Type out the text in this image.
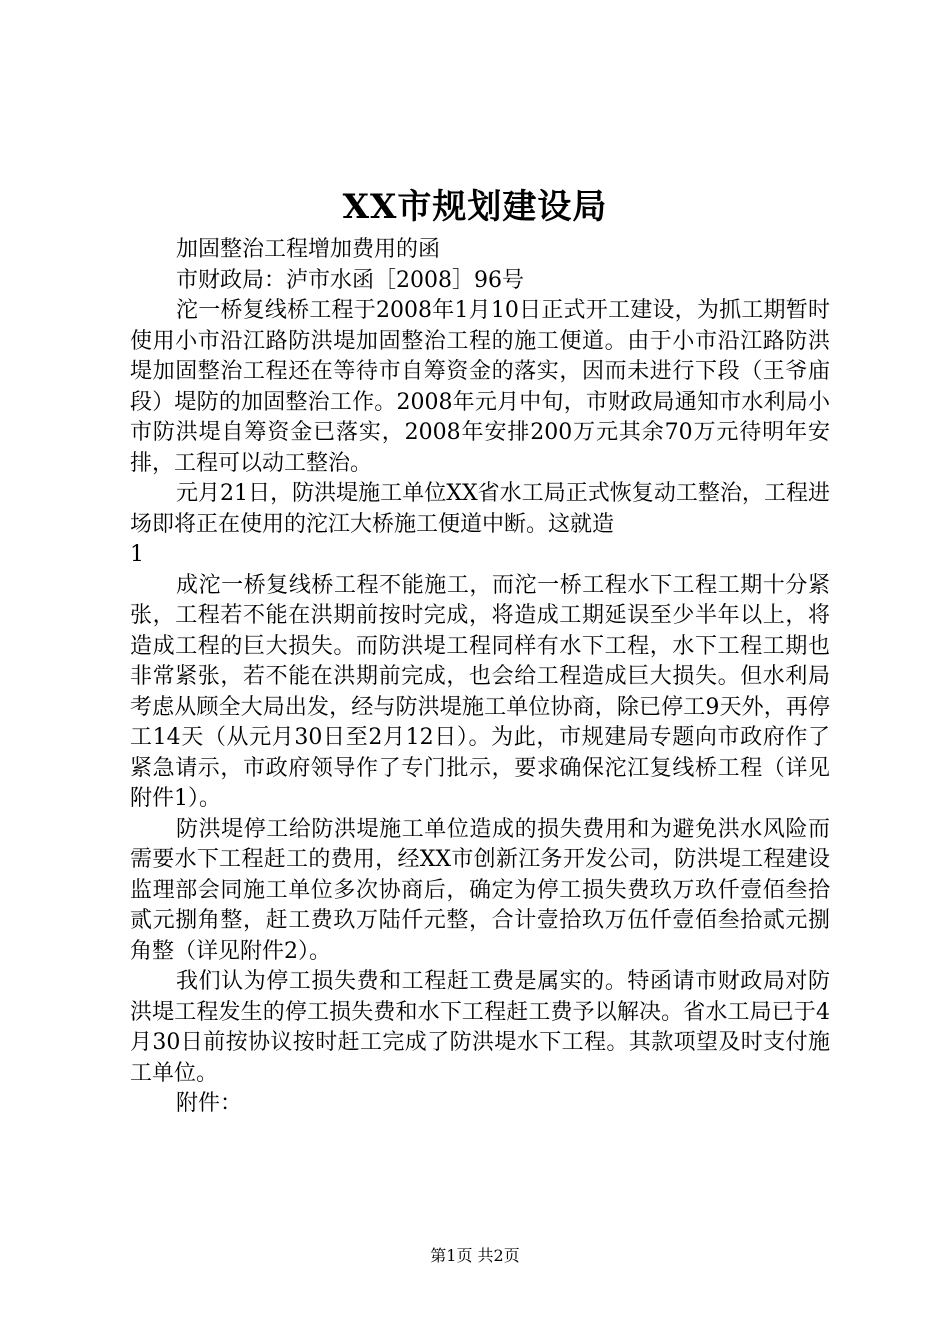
XX市规划建设局

加固整治工程增加费用的函

市财政局：泸市水函［2008］96号

沱一桥复线桥工程于2008年1月10日正式开工建设，为抓工期暂时使用小市沿江路防洪堤加固整治工程的施工便道。由于小市沿江路防洪堤加固整治工程还在等待市自筹资金的落实，因而未进行下段（王爷庙段）堤防的加固整治工作。2008年元月中旬，市财政局通知市水利局小市防洪堤自筹资金已落实，2008年安排200万元其余70万元待明年安排，工程可以动工整治。

元月21日，防洪堤施工单位XX省水工局正式恢复动工整治，工程进场即将正在使用的沱江大桥施工便道中断。这就造

1

成沱一桥复线桥工程不能施工，而沱一桥工程水下工程工期十分紧张，工程若不能在洪期前按时完成，将造成工期延误至少半年以上，将造成工程的巨大损失。而防洪堤工程同样有水下工程，水下工程工期也非常紧张，若不能在洪期前完成，也会给工程造成巨大损失。但水利局考虑从顾全大局出发，经与防洪堤施工单位协商，除已停工9天外，再停工14天（从元月30日至2月12日）。为此，市规建局专题向市政府作了紧急请示，市政府领导作了专门批示，要求确保沱江复线桥工程（详见附件1）。

防洪堤停工给防洪堤施工单位造成的损失费用和为避免洪水风险而需要水下工程赶工的费用，经XX市创新江务开发公司，防洪堤工程建设监理部会同施工单位多次协商后，确定为停工损失费玖万玖仟壹佰叁拾贰元捌角整，赶工费玖万陆仟元整，合计壹拾玖万伍仟壹佰叁拾贰元捌角整（详见附件2）。

我们认为停工损失费和工程赶工费是属实的。特函请市财政局对防洪堤工程发生的停工损失费和水下工程赶工费予以解决。省水工局已于4月30日前按协议按时赶工完成了防洪堤水下工程。其款项望及时支付施工单位。

附件：

第1页 共2页
